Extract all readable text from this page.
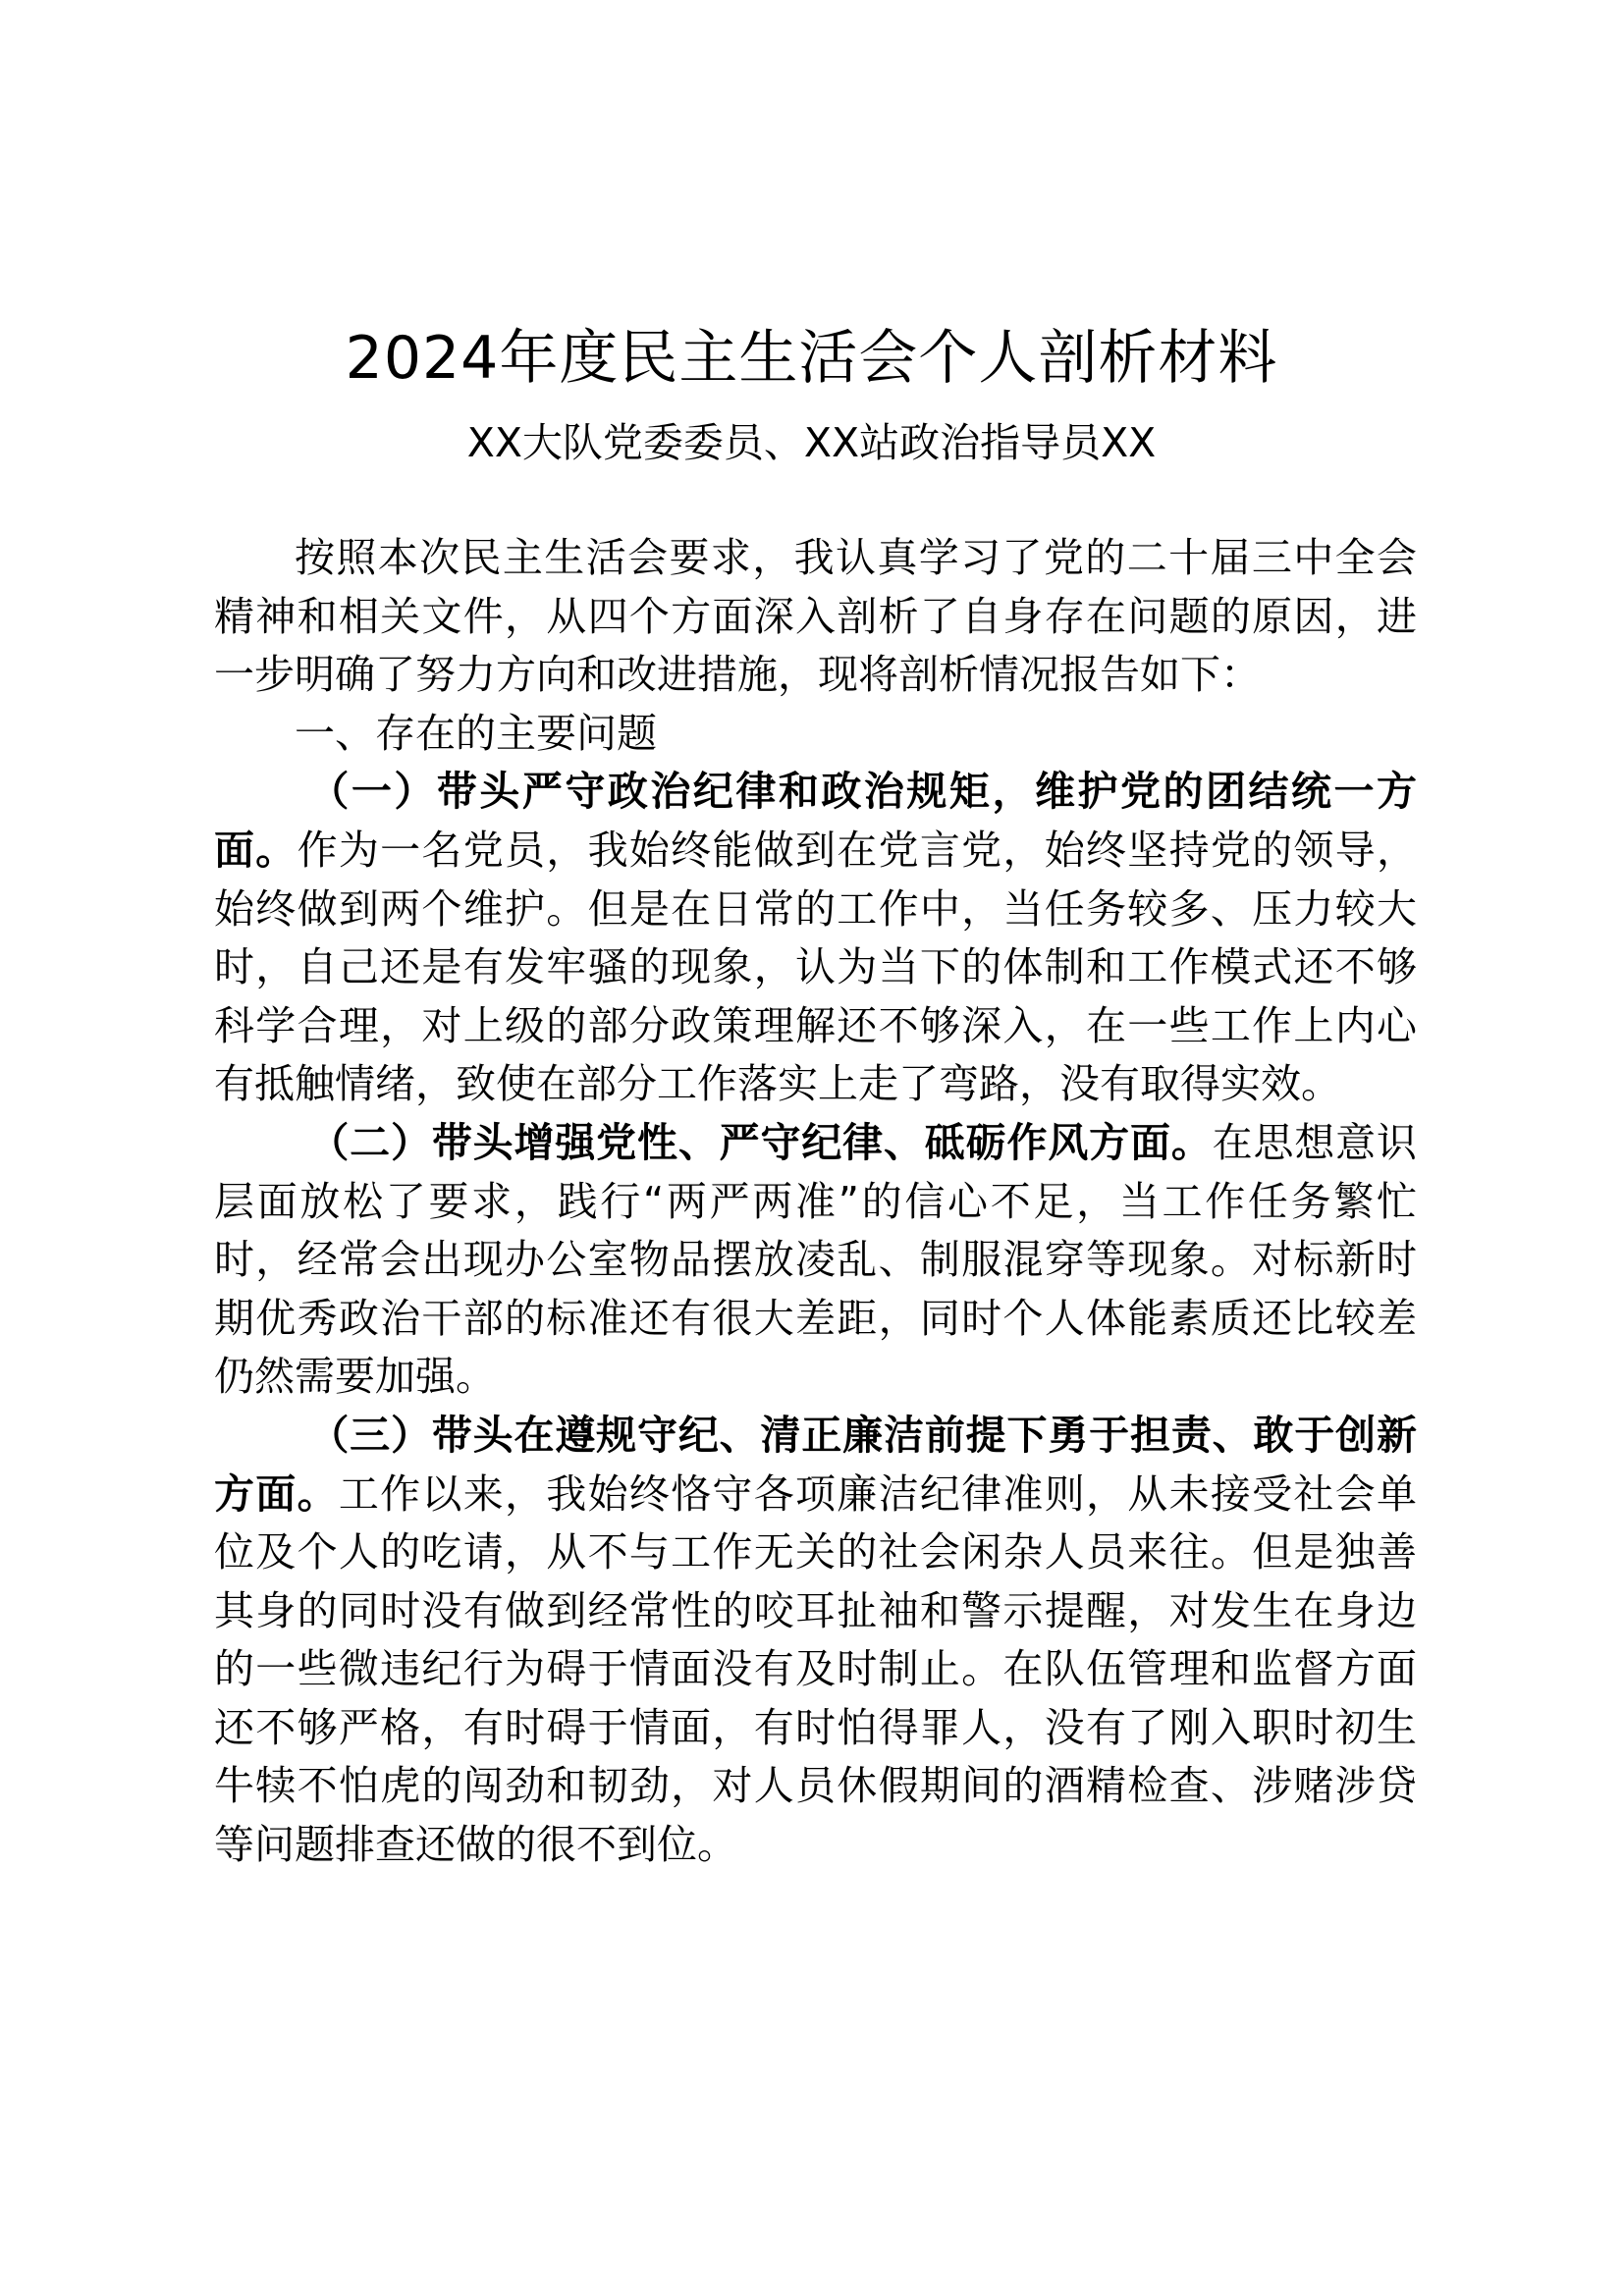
2024年度民主生活会个人剖析材料
XX大队党委委员、XX站政治指导员XX

按照本次民主生活会要求，我认真学习了党的二十届三中全会精神和相关文件，从四个方面深入剖析了自身存在问题的原因，进一步明确了努力方向和改进措施，现将剖析情况报告如下：

一、存在的主要问题

（一）带头严守政治纪律和政治规矩，维护党的团结统一方面。作为一名党员，我始终能做到在党言党，始终坚持党的领导，始终做到两个维护。但是在日常的工作中，当任务较多、压力较大时，自己还是有发牢骚的现象，认为当下的体制和工作模式还不够科学合理，对上级的部分政策理解还不够深入，在一些工作上内心有抵触情绪，致使在部分工作落实上走了弯路，没有取得实效。

（二）带头增强党性、严守纪律、砥砺作风方面。在思想意识层面放松了要求，践行“两严两准”的信心不足，当工作任务繁忙时，经常会出现办公室物品摆放凌乱、制服混穿等现象。对标新时期优秀政治干部的标准还有很大差距，同时个人体能素质还比较差仍然需要加强。

（三）带头在遵规守纪、清正廉洁前提下勇于担责、敢于创新方面。工作以来，我始终恪守各项廉洁纪律准则，从未接受社会单位及个人的吃请，从不与工作无关的社会闲杂人员来往。但是独善其身的同时没有做到经常性的咬耳扯袖和警示提醒，对发生在身边的一些微违纪行为碍于情面没有及时制止。在队伍管理和监督方面还不够严格，有时碍于情面，有时怕得罪人，没有了刚入职时初生牛犊不怕虎的闯劲和韧劲，对人员休假期间的酒精检查、涉赌涉贷等问题排查还做的很不到位。
